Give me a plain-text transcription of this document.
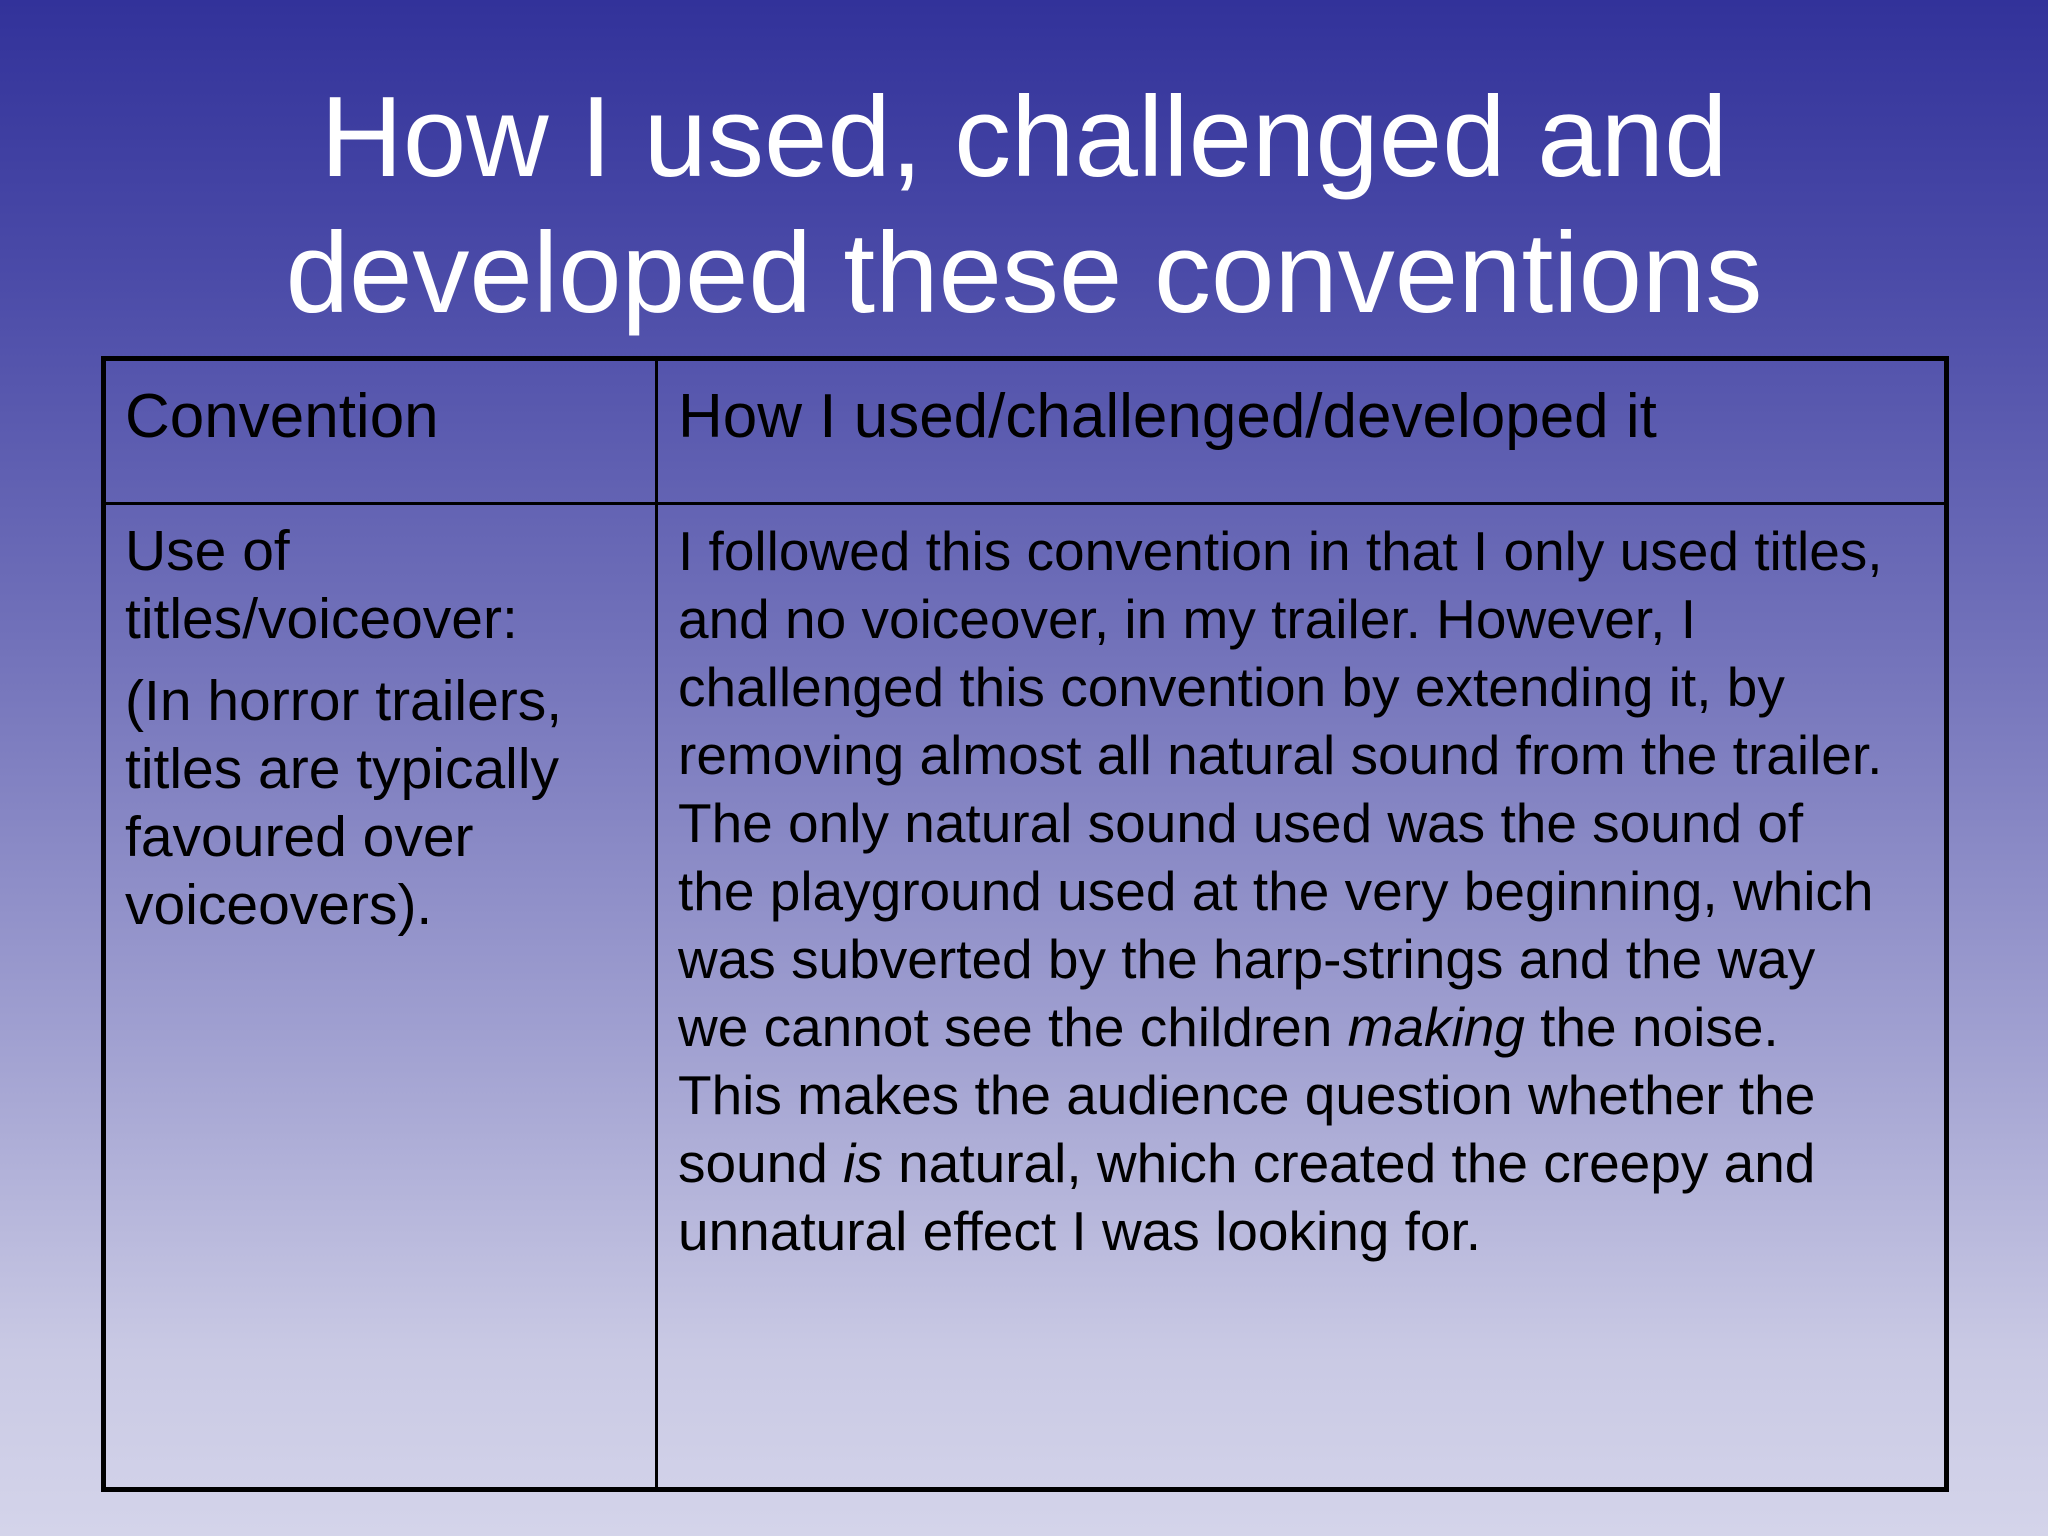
How I used, challenged and
developed these conventions
Convention	How I used/challenged/developed it

Use of
titles/voiceover:

(In horror trailers,
titles are typically
favoured over
voiceovers).

I followed this convention in that I only used titles,
and no voiceover, in my trailer. However, I
challenged this convention by extending it, by
removing almost all natural sound from the trailer.
The only natural sound used was the sound of
the playground used at the very beginning, which
was subverted by the harp-strings and the way
we cannot see the children making the noise.
This makes the audience question whether the
sound is natural, which created the creepy and
unnatural effect I was looking for.
